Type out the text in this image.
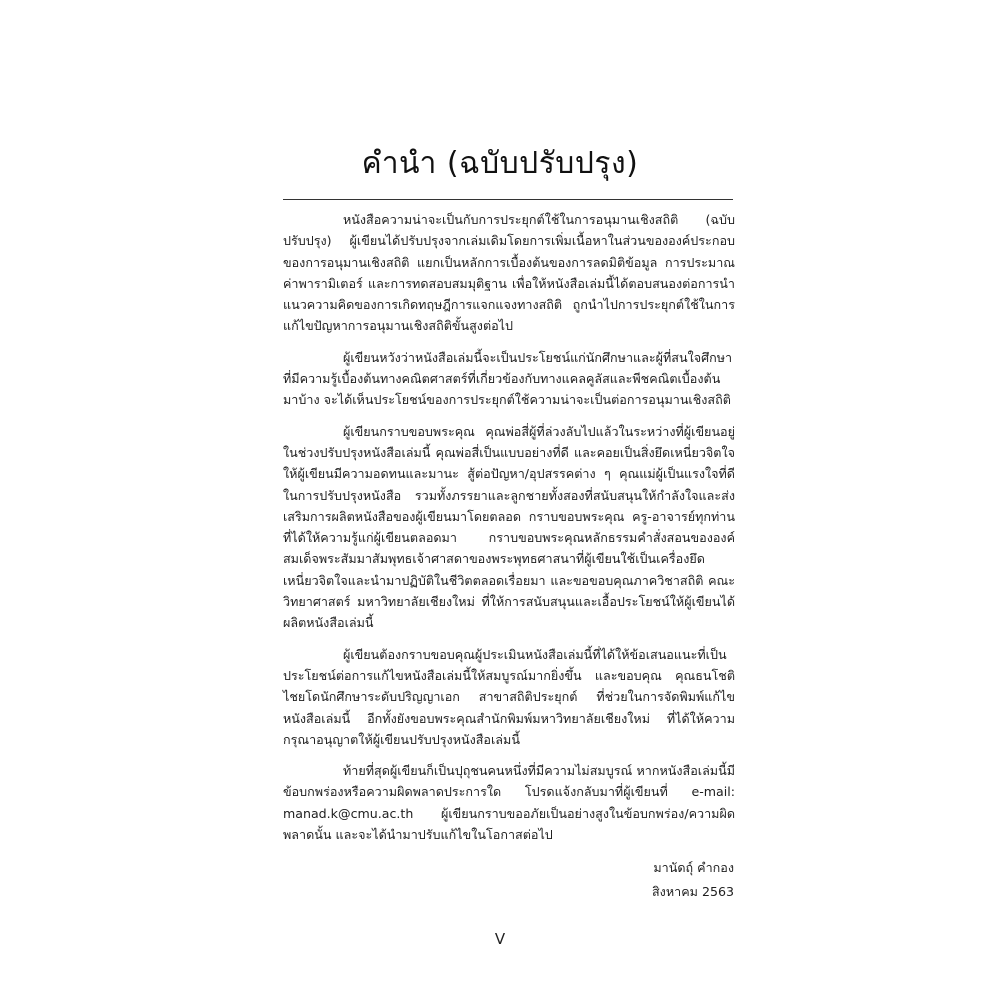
คำนำ (ฉบับปรับปรุง)

หนังสือความน่าจะเป็นกับการประยุกต์ใช้ในการอนุมานเชิงสถิติ (ฉบับปรับปรุง) ผู้เขียนได้ปรับปรุงจากเล่มเดิมโดยการเพิ่มเนื้อหาในส่วนขององค์ประกอบของการอนุมานเชิงสถิติ แยกเป็นหลักการเบื้องต้นของการลดมิติข้อมูล การประมาณค่าพารามิเตอร์ และการทดสอบสมมุติฐาน เพื่อให้หนังสือเล่มนี้ได้ตอบสนองต่อการนำแนวความคิดของการเกิดทฤษฎีการแจกแจงทางสถิติ ถูกนำไปการประยุกต์ใช้ในการแก้ไขปัญหาการอนุมานเชิงสถิติขั้นสูงต่อไป

ผู้เขียนหวังว่าหนังสือเล่มนี้จะเป็นประโยชน์แก่นักศึกษาและผู้ที่สนใจศึกษาที่มีความรู้เบื้องต้นทางคณิตศาสตร์ที่เกี่ยวข้องกับทางแคลคูลัสและพีชคณิตเบื้องต้นมาบ้าง จะได้เห็นประโยชน์ของการประยุกต์ใช้ความน่าจะเป็นต่อการอนุมานเชิงสถิติ

ผู้เขียนกราบขอบพระคุณ คุณพ่อสี่ผู้ที่ล่วงลับไปแล้วในระหว่างที่ผู้เขียนอยู่ในช่วงปรับปรุงหนังสือเล่มนี้ คุณพ่อสี่เป็นแบบอย่างที่ดี และคอยเป็นสิ่งยึดเหนี่ยวจิตใจให้ผู้เขียนมีความอดทนและมานะ สู้ต่อปัญหา/อุปสรรคต่าง ๆ คุณแม่ผู้เป็นแรงใจที่ดีในการปรับปรุงหนังสือ รวมทั้งภรรยาและลูกชายทั้งสองที่สนับสนุนให้กำลังใจและส่งเสริมการผลิตหนังสือของผู้เขียนมาโดยตลอด กราบขอบพระคุณ ครู-อาจารย์ทุกท่านที่ได้ให้ความรู้แก่ผู้เขียนตลอดมา กราบขอบพระคุณหลักธรรมคำสั่งสอนขององค์สมเด็จพระสัมมาสัมพุทธเจ้าศาสดาของพระพุทธศาสนาที่ผู้เขียนใช้เป็นเครื่องยึดเหนี่ยวจิตใจและนำมาปฏิบัติในชีวิตตลอดเรื่อยมา และขอขอบคุณภาควิชาสถิติ คณะวิทยาศาสตร์ มหาวิทยาลัยเชียงใหม่ ที่ให้การสนับสนุนและเอื้อประโยชน์ให้ผู้เขียนได้ผลิตหนังสือเล่มนี้

ผู้เขียนต้องกราบขอบคุณผู้ประเมินหนังสือเล่มนี้ที่ได้ให้ข้อเสนอแนะที่เป็นประโยชน์ต่อการแก้ไขหนังสือเล่มนี้ให้สมบูรณ์มากยิ่งขึ้น และขอบคุณ คุณธนโชติ ไชยโดนักศึกษาระดับปริญญาเอก สาขาสถิติประยุกต์ ที่ช่วยในการจัดพิมพ์แก้ไขหนังสือเล่มนี้ อีกทั้งยังขอบพระคุณสำนักพิมพ์มหาวิทยาลัยเชียงใหม่ ที่ได้ให้ความกรุณาอนุญาตให้ผู้เขียนปรับปรุงหนังสือเล่มนี้

ท้ายที่สุดผู้เขียนก็เป็นปุถุชนคนหนึ่งที่มีความไม่สมบูรณ์ หากหนังสือเล่มนี้มีข้อบกพร่องหรือความผิดพลาดประการใด โปรดแจ้งกลับมาที่ผู้เขียนที่ e-mail: manad.k@cmu.ac.th ผู้เขียนกราบขออภัยเป็นอย่างสูงในข้อบกพร่อง/ความผิดพลาดนั้น และจะได้นำมาปรับแก้ไขในโอกาสต่อไป

มานัดถุ์ คำกอง
สิงหาคม 2563
V
